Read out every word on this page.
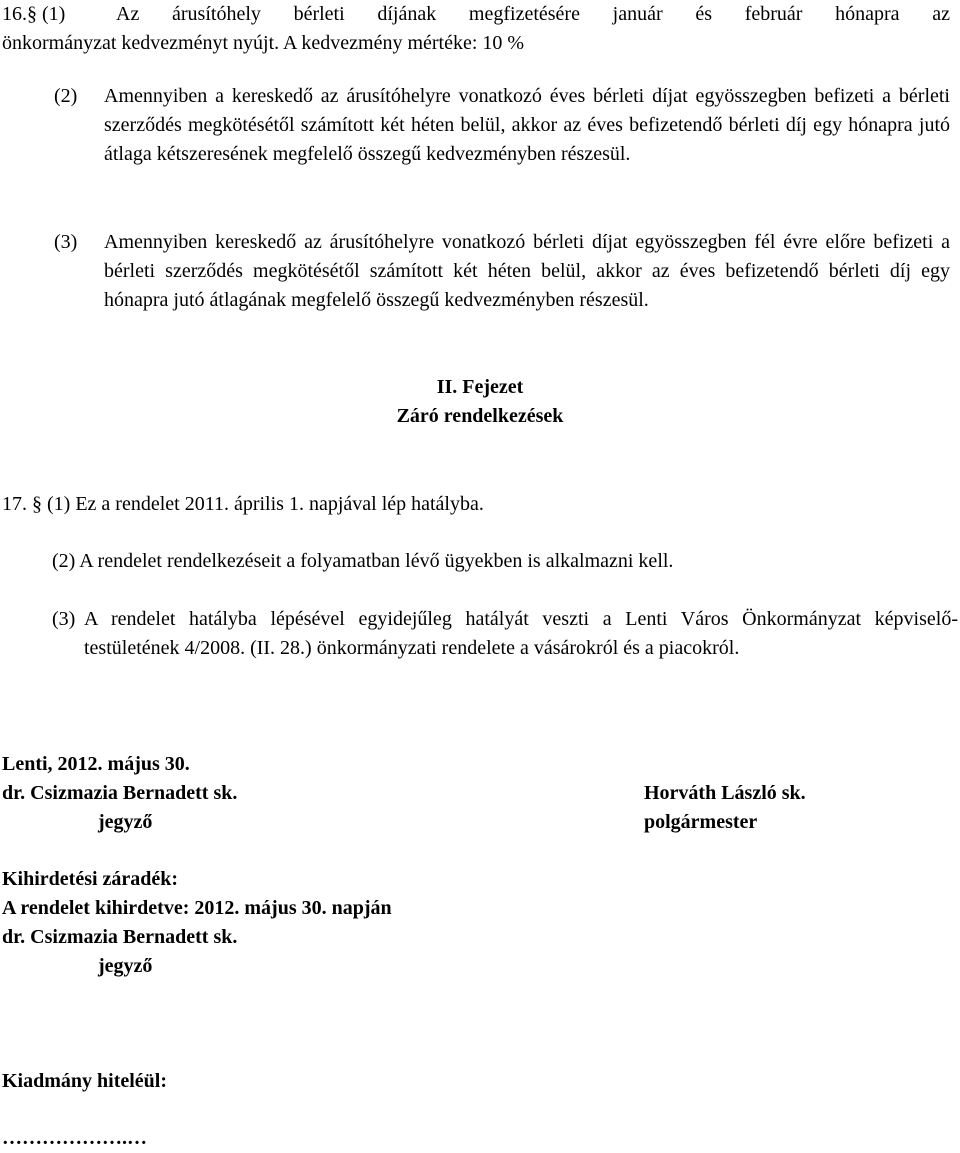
16.§ (1)	Az árusítóhely bérleti díjának megfizetésére január és február hónapra az
önkormányzat kedvezményt nyújt. A kedvezmény mértéke: 10 %
(2) Amennyiben a kereskedő az árusítóhelyre vonatkozó éves bérleti díjat egyösszegben befizeti a bérleti szerződés megkötésétől számított két héten belül, akkor az éves befizetendő bérleti díj egy hónapra jutó átlaga kétszeresének megfelelő összegű kedvezményben részesül.
(3) Amennyiben kereskedő az árusítóhelyre vonatkozó bérleti díjat egyösszegben fél évre előre befizeti a bérleti szerződés megkötésétől számított két héten belül, akkor az éves befizetendő bérleti díj egy hónapra jutó átlagának megfelelő összegű kedvezményben részesül.
II. Fejezet
Záró rendelkezések
17. § (1) Ez a rendelet 2011. április 1. napjával lép hatályba.
(2) A rendelet rendelkezéseit a folyamatban lévő ügyekben is alkalmazni kell.
(3) A rendelet hatályba lépésével egyidejűleg hatályát veszti a Lenti Város Önkormányzat képviselő-testületének 4/2008. (II. 28.) önkormányzati rendelete a vásárokról és a piacokról.
Lenti, 2012. május 30.
dr. Csizmazia Bernadett sk.
jegyző
Horváth László sk.
polgármester
Kihirdetési záradék:
A rendelet kihirdetve: 2012. május 30. napján
dr. Csizmazia Bernadett sk.
jegyző
Kiadmány hiteléül:
……………….…
